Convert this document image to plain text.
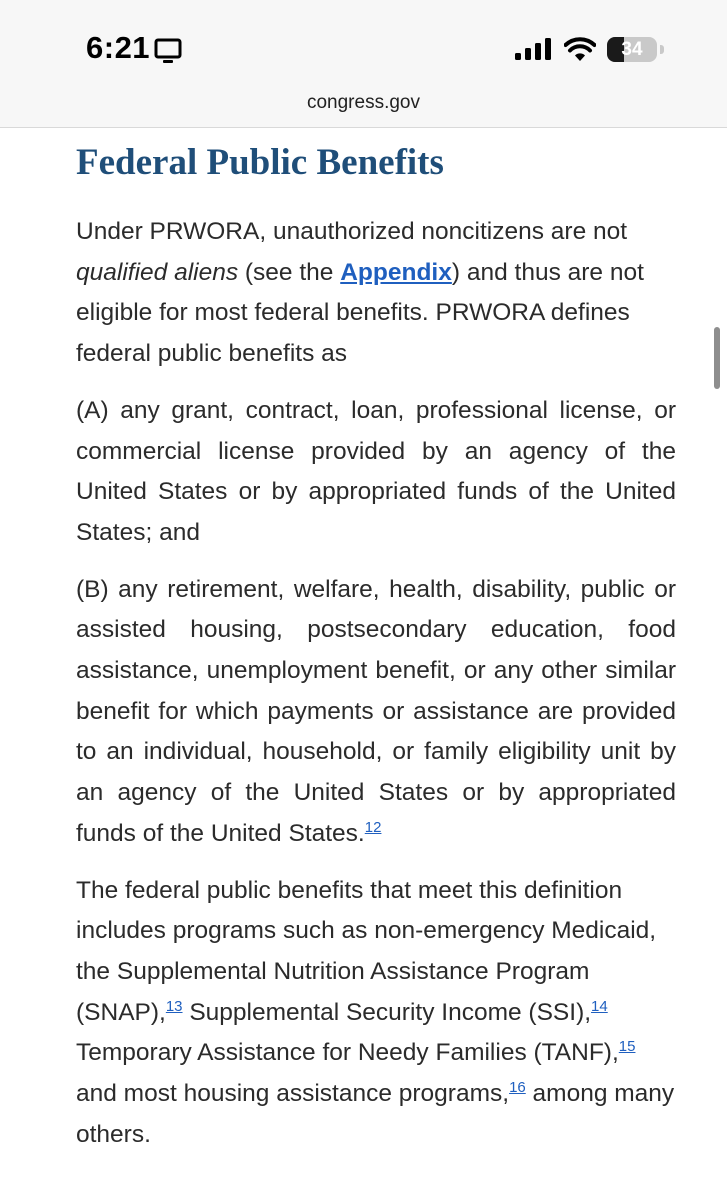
6:21	34
congress.gov
Federal Public Benefits

Under PRWORA, unauthorized noncitizens are not qualified aliens (see the Appendix) and thus are not eligible for most federal benefits. PRWORA defines federal public benefits as

(A) any grant, contract, loan, professional license, or commercial license provided by an agency of the United States or by appropriated funds of the United States; and

(B) any retirement, welfare, health, disability, public or assisted housing, postsecondary education, food assistance, unemployment benefit, or any other similar benefit for which payments or assistance are provided to an individual, household, or family eligibility unit by an agency of the United States or by appropriated funds of the United States.$^{12}$

The federal public benefits that meet this definition includes programs such as non-emergency Medicaid, the Supplemental Nutrition Assistance Program (SNAP),$^{13}$ Supplemental Security Income (SSI),$^{14}$ Temporary Assistance for Needy Families (TANF),$^{15}$ and most housing assistance programs,$^{16}$ among many others.
